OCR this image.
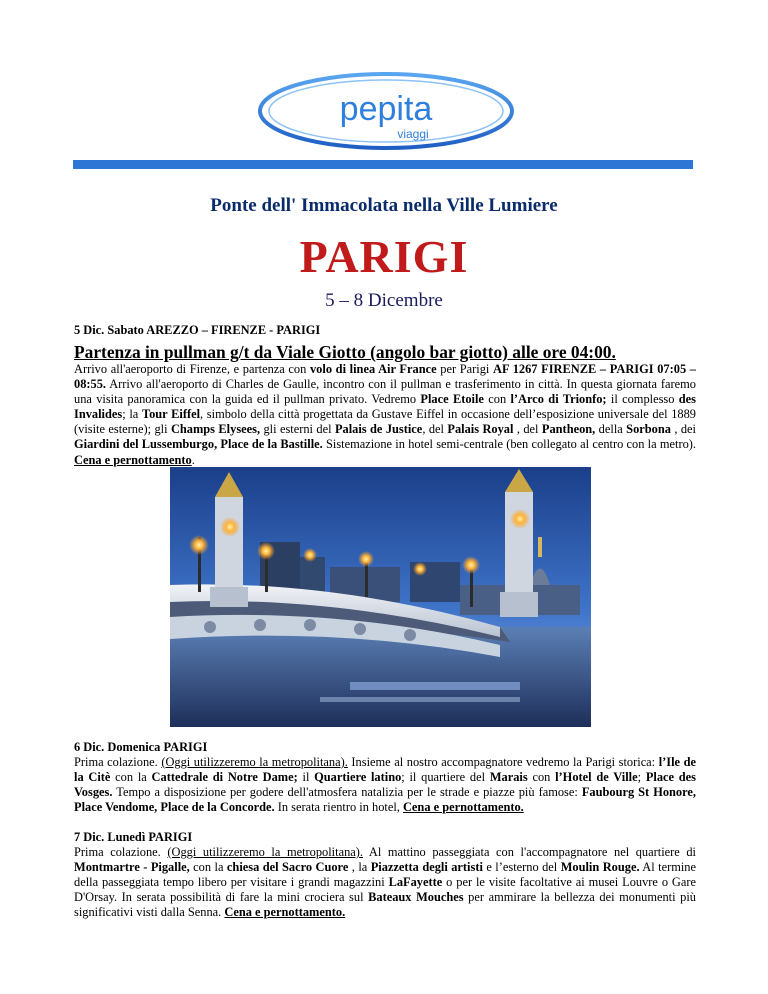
pepita
viaggi
Ponte dell' Immacolata nella Ville Lumiere
PARIGI
5 – 8 Dicembre
5 Dic. Sabato AREZZO – FIRENZE - PARIGI
Partenza in pullman g/t da Viale Giotto (angolo bar giotto) alle ore 04:00.
Arrivo all'aeroporto di Firenze, e partenza con volo di linea Air France per Parigi AF 1267 FIRENZE – PARIGI 07:05 – 08:55. Arrivo all'aeroporto di Charles de Gaulle, incontro con il pullman e trasferimento in città. In questa giornata faremo una visita panoramica con la guida ed il pullman privato. Vedremo Place Etoile con l’Arco di Trionfo; il complesso des Invalides; la Tour Eiffel, simbolo della città progettata da Gustave Eiffel in occasione dell’esposizione universale del 1889 (visite esterne); gli Champs Elysees, gli esterni del Palais de Justice, del Palais Royal , del Pantheon, della Sorbona , dei Giardini del Lussemburgo, Place de la Bastille. Sistemazione in hotel semi-centrale (ben collegato al centro con la metro). Cena e pernottamento.
6 Dic. Domenica PARIGI
Prima colazione. (Oggi utilizzeremo la metropolitana). Insieme al nostro accompagnatore vedremo la Parigi storica: l’Ile de la Citè con la Cattedrale di Notre Dame; il Quartiere latino; il quartiere del Marais con l’Hotel de Ville; Place des Vosges. Tempo a disposizione per godere dell'atmosfera natalizia per le strade e piazze più famose: Faubourg St Honore, Place Vendome, Place de la Concorde. In serata rientro in hotel, Cena e pernottamento.
7 Dic. Lunedì PARIGI
Prima colazione. (Oggi utilizzeremo la metropolitana). Al mattino passeggiata con l'accompagnatore nel quartiere di Montmartre - Pigalle, con la chiesa del Sacro Cuore , la Piazzetta degli artisti e l’esterno del Moulin Rouge. Al termine della passeggiata tempo libero per visitare i grandi magazzini LaFayette o per le visite facoltative ai musei Louvre o Gare D'Orsay. In serata possibilità di fare la mini crociera sul Bateaux Mouches per ammirare la bellezza dei monumenti più significativi visti dalla Senna. Cena e pernottamento.
